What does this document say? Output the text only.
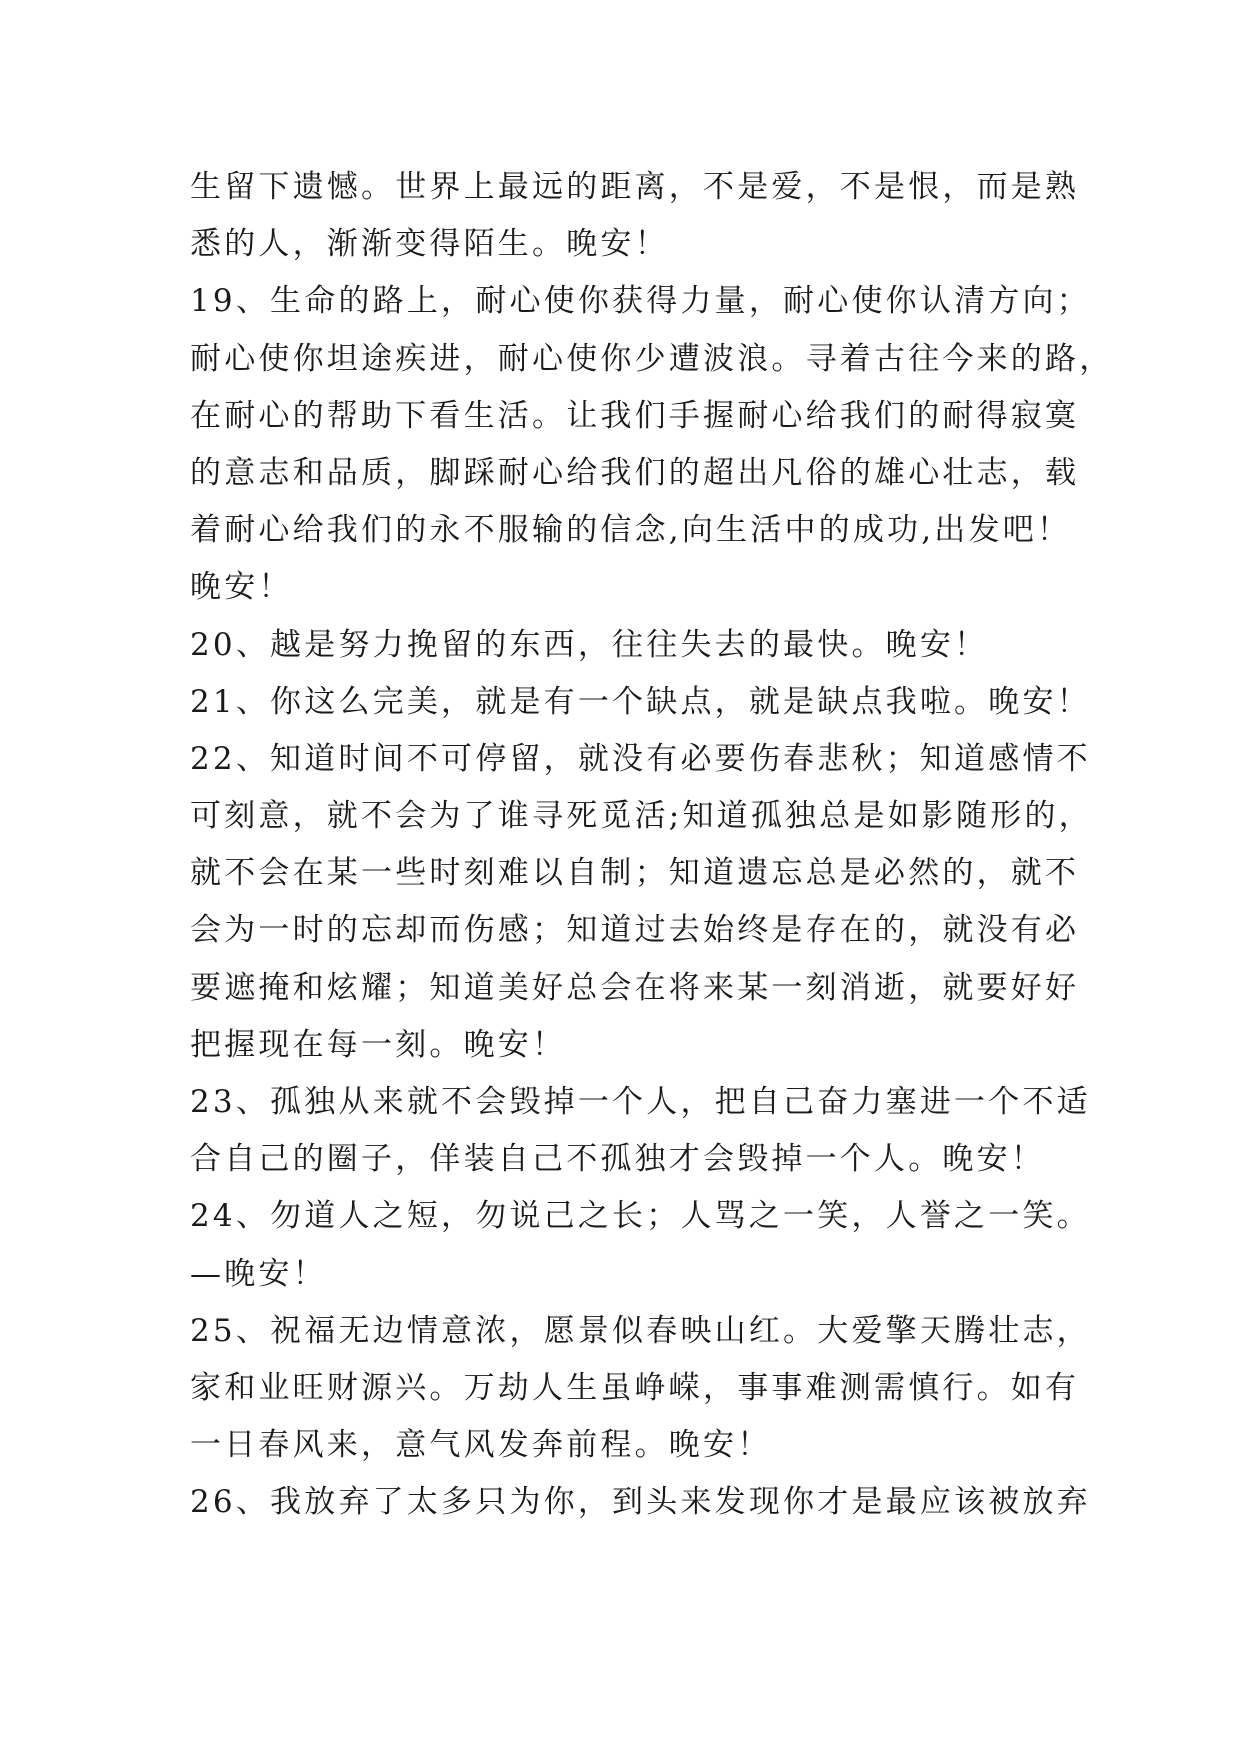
生留下遗憾。世界上最远的距离，不是爱，不是恨，而是熟
悉的人，渐渐变得陌生。晚安！
19、生命的路上，耐心使你获得力量，耐心使你认清方向；
耐心使你坦途疾进，耐心使你少遭波浪。寻着古往今来的路，
在耐心的帮助下看生活。让我们手握耐心给我们的耐得寂寞
的意志和品质，脚踩耐心给我们的超出凡俗的雄心壮志，载
着耐心给我们的永不服输的信念,向生活中的成功,出发吧！
晚安！
20、越是努力挽留的东西，往往失去的最快。晚安！
21、你这么完美，就是有一个缺点，就是缺点我啦。晚安！
22、知道时间不可停留，就没有必要伤春悲秋；知道感情不
可刻意，就不会为了谁寻死觅活;知道孤独总是如影随形的，
就不会在某一些时刻难以自制；知道遗忘总是必然的，就不
会为一时的忘却而伤感；知道过去始终是存在的，就没有必
要遮掩和炫耀；知道美好总会在将来某一刻消逝，就要好好
把握现在每一刻。晚安！
23、孤独从来就不会毁掉一个人，把自己奋力塞进一个不适
合自己的圈子，佯装自己不孤独才会毁掉一个人。晚安！
24、勿道人之短，勿说己之长；人骂之一笑，人誉之一笑。
—晚安！
25、祝福无边情意浓，愿景似春映山红。大爱擎天腾壮志，
家和业旺财源兴。万劫人生虽峥嵘，事事难测需慎行。如有
一日春风来，意气风发奔前程。晚安！
26、我放弃了太多只为你，到头来发现你才是最应该被放弃
